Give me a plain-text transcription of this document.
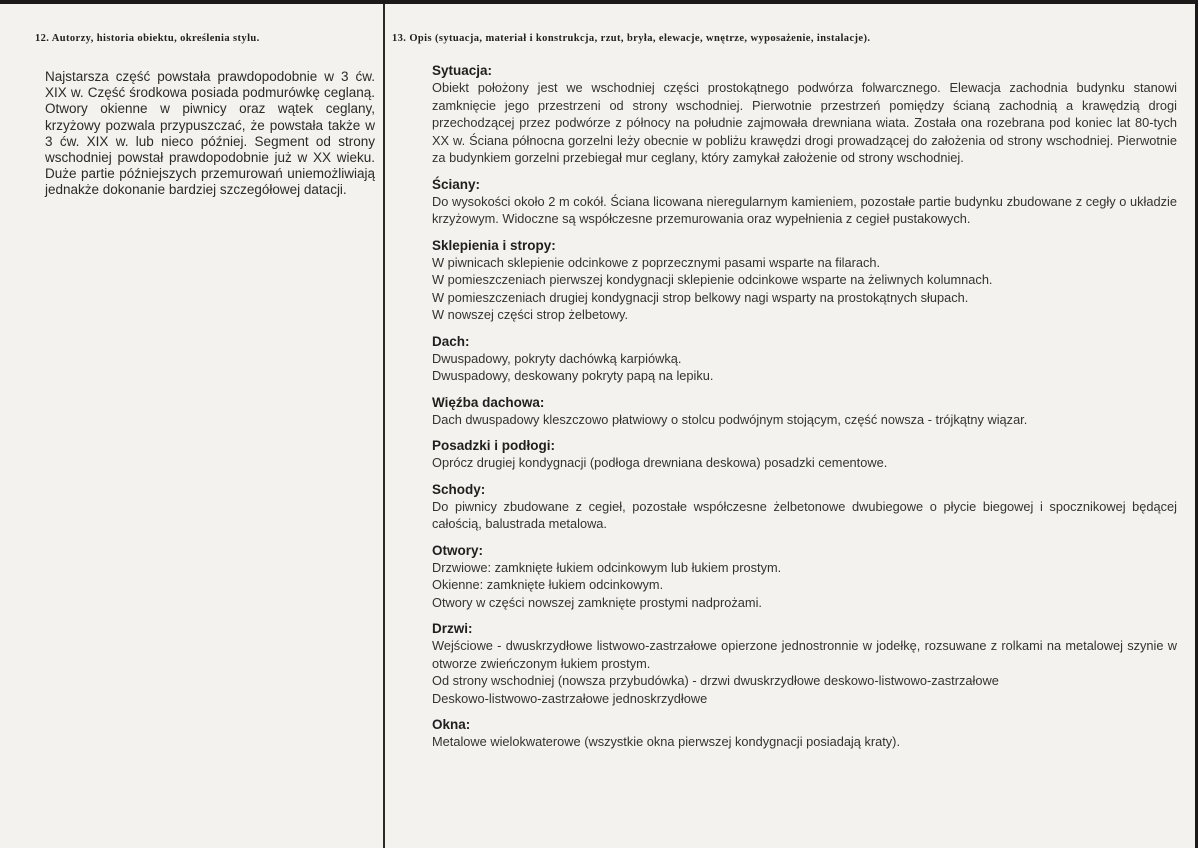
12. Autorzy, historia obiektu, określenia stylu.
Najstarsza część powstała prawdopodobnie w 3 ćw. XIX w. Część środkowa posiada podmurówkę ceglaną. Otwory okienne w piwnicy oraz wątek ceglany, krzyżowy pozwala przypuszczać, że powstała także w 3 ćw. XIX w. lub nieco później. Segment od strony wschodniej powstał prawdopodobnie już w XX wieku. Duże partie późniejszych przemurowań uniemożliwiają jednakże dokonanie bardziej szczegółowej datacji.
13. Opis (sytuacja, materiał i konstrukcja, rzut, bryła, elewacje, wnętrze, wyposażenie, instalacje).
Sytuacja:

Obiekt położony jest we wschodniej części prostokątnego podwórza folwarcznego. Elewacja zachodnia budynku stanowi zamknięcie jego przestrzeni od strony wschodniej. Pierwotnie przestrzeń pomiędzy ścianą zachodnią a krawędzią drogi przechodzącej przez podwórze z północy na południe zajmowała drewniana wiata. Została ona rozebrana pod koniec lat 80-tych XX w. Ściana północna gorzelni leży obecnie w pobliżu krawędzi drogi prowadzącej do założenia od strony wschodniej. Pierwotnie za budynkiem gorzelni przebiegał mur ceglany, który zamykał założenie od strony wschodniej.

Ściany:

Do wysokości około 2 m cokół. Ściana licowana nieregularnym kamieniem, pozostałe partie budynku zbudowane z cegły o układzie krzyżowym. Widoczne są współczesne przemurowania oraz wypełnienia z cegieł pustakowych.

Sklepienia i stropy:

W piwnicach sklepienie odcinkowe z poprzecznymi pasami wsparte na filarach.

W pomieszczeniach pierwszej kondygnacji sklepienie odcinkowe wsparte na żeliwnych kolumnach.

W pomieszczeniach drugiej kondygnacji strop belkowy nagi wsparty na prostokątnych słupach.

W nowszej części strop żelbetowy.

Dach:

Dwuspadowy, pokryty dachówką karpiówką.

Dwuspadowy, deskowany pokryty papą na lepiku.

Więźba dachowa:

Dach dwuspadowy kleszczowo płatwiowy o stolcu podwójnym stojącym, część nowsza - trójkątny wiązar.

Posadzki i podłogi:

Oprócz drugiej kondygnacji (podłoga drewniana deskowa) posadzki cementowe.

Schody:

Do piwnicy zbudowane z cegieł, pozostałe współczesne żelbetonowe dwubiegowe o płycie biegowej i spocznikowej będącej całością, balustrada metalowa.

Otwory:

Drzwiowe: zamknięte łukiem odcinkowym lub łukiem prostym.

Okienne: zamknięte łukiem odcinkowym.

Otwory w części nowszej zamknięte prostymi nadprożami.

Drzwi:

Wejściowe - dwuskrzydłowe listwowo-zastrzałowe opierzone jednostronnie w jodełkę, rozsuwane z rolkami na metalowej szynie w otworze zwieńczonym łukiem prostym.

Od strony wschodniej (nowsza przybudówka) - drzwi dwuskrzydłowe deskowo-listwowo-zastrzałowe

Deskowo-listwowo-zastrzałowe jednoskrzydłowe

Okna:

Metalowe wielokwaterowe (wszystkie okna pierwszej kondygnacji posiadają kraty).
